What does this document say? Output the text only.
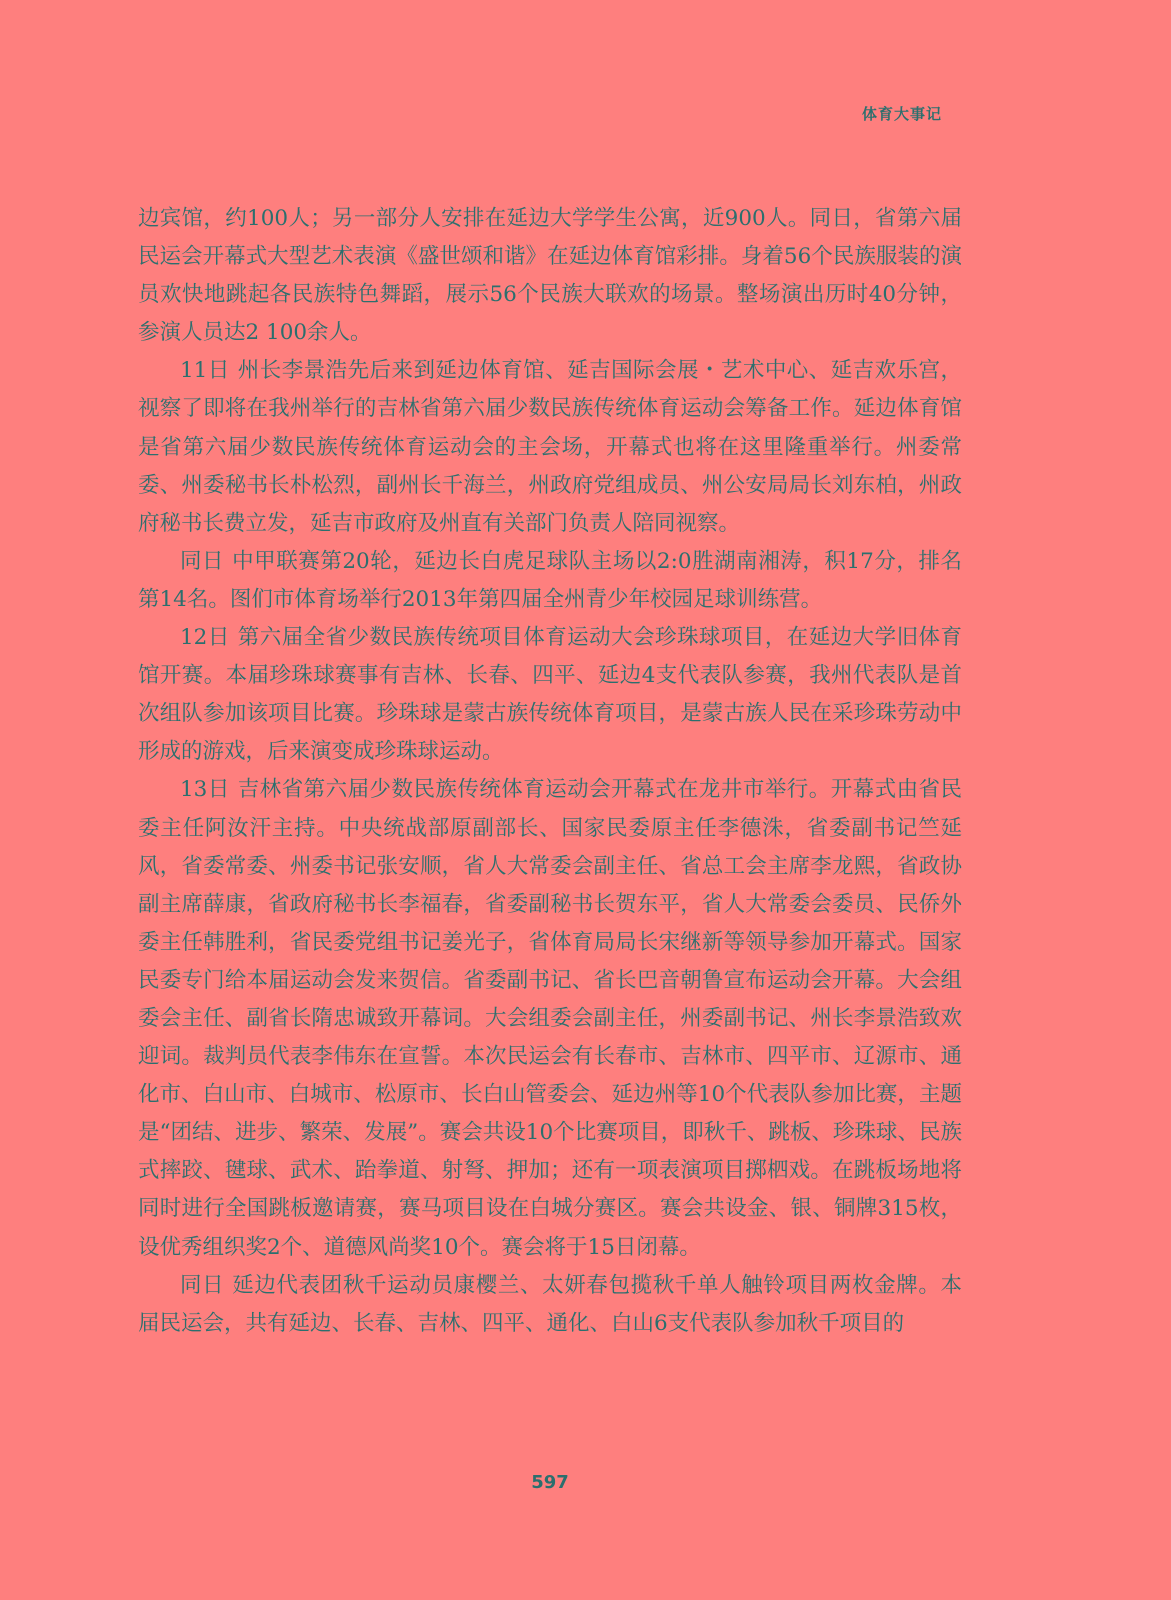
体育大事记

边宾馆，约100人；另一部分人安排在延边大学学生公寓，近900人。同日，省第六届民运会开幕式大型艺术表演《盛世颂和谐》在延边体育馆彩排。身着56个民族服装的演员欢快地跳起各民族特色舞蹈，展示56个民族大联欢的场景。整场演出历时40分钟，参演人员达2 100余人。

11日 州长李景浩先后来到延边体育馆、延吉国际会展・艺术中心、延吉欢乐宫，视察了即将在我州举行的吉林省第六届少数民族传统体育运动会筹备工作。延边体育馆是省第六届少数民族传统体育运动会的主会场，开幕式也将在这里隆重举行。州委常委、州委秘书长朴松烈，副州长千海兰，州政府党组成员、州公安局局长刘东柏，州政府秘书长费立发，延吉市政府及州直有关部门负责人陪同视察。

同日 中甲联赛第20轮，延边长白虎足球队主场以2:0胜湖南湘涛，积17分，排名第14名。图们市体育场举行2013年第四届全州青少年校园足球训练营。

12日 第六届全省少数民族传统项目体育运动大会珍珠球项目，在延边大学旧体育馆开赛。本届珍珠球赛事有吉林、长春、四平、延边4支代表队参赛，我州代表队是首次组队参加该项目比赛。珍珠球是蒙古族传统体育项目，是蒙古族人民在采珍珠劳动中形成的游戏，后来演变成珍珠球运动。

13日 吉林省第六届少数民族传统体育运动会开幕式在龙井市举行。开幕式由省民委主任阿汝汗主持。中央统战部原副部长、国家民委原主任李德洙，省委副书记竺延风，省委常委、州委书记张安顺，省人大常委会副主任、省总工会主席李龙熙，省政协副主席薛康，省政府秘书长李福春，省委副秘书长贺东平，省人大常委会委员、民侨外委主任韩胜利，省民委党组书记姜光子，省体育局局长宋继新等领导参加开幕式。国家民委专门给本届运动会发来贺信。省委副书记、省长巴音朝鲁宣布运动会开幕。大会组委会主任、副省长隋忠诚致开幕词。大会组委会副主任，州委副书记、州长李景浩致欢迎词。裁判员代表李伟东在宣誓。本次民运会有长春市、吉林市、四平市、辽源市、通化市、白山市、白城市、松原市、长白山管委会、延边州等10个代表队参加比赛，主题是“团结、进步、繁荣、发展”。赛会共设10个比赛项目，即秋千、跳板、珍珠球、民族式摔跤、毽球、武术、跆拳道、射弩、押加；还有一项表演项目掷柶戏。在跳板场地将同时进行全国跳板邀请赛，赛马项目设在白城分赛区。赛会共设金、银、铜牌315枚，设优秀组织奖2个、道德风尚奖10个。赛会将于15日闭幕。

同日 延边代表团秋千运动员康樱兰、太妍春包揽秋千单人触铃项目两枚金牌。本届民运会，共有延边、长春、吉林、四平、通化、白山6支代表队参加秋千项目的

597
